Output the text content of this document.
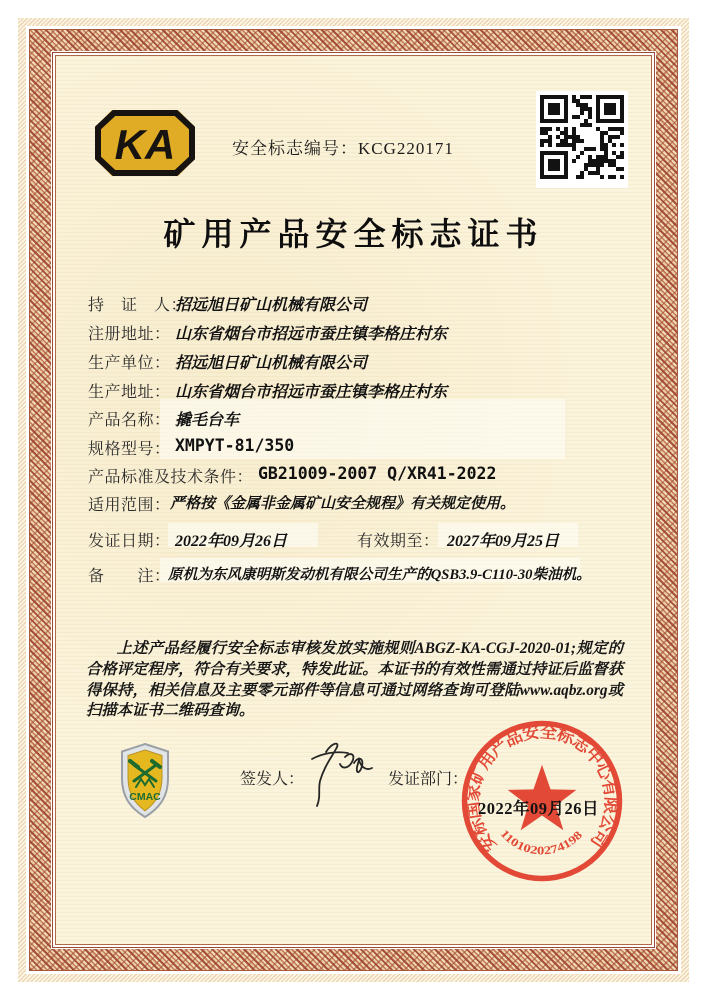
KA	安全标志编号：KCG220171
矿用产品安全标志证书
持　证　人：
招远旭日矿山机械有限公司
注册地址： 山东省烟台市招远市蚕庄镇李格庄村东
生产单位： 招远旭日矿山机械有限公司
生产地址： 山东省烟台市招远市蚕庄镇李格庄村东
产品名称： 撬毛台车
规格型号： XMPYT-81/350
产品标准及技术条件： GB21009-2007 Q/XR41-2022
适用范围： 严格按《金属非金属矿山安全规程》有关规定使用。
发证日期： 2022年09月26日	有效期至： 2027年09月25日
备　　注：
原机为东风康明斯发动机有限公司生产的QSB3.9-C110-30柴油机。
上述产品经履行安全标志审核发放实施规则ABGZ-KA-CGJ-2020-01;规定的合格评定程序，符合有关要求，特发此证。本证书的有效性需通过持证后监督获得保持，相关信息及主要零元部件等信息可通过网络查询可登陆www.aqbz.org或扫描本证书二维码查询。
CMAC
签发人：	发证部门：
安标国家矿用产品安全标志中心有限公司
1101020274198
2022年09月26日
